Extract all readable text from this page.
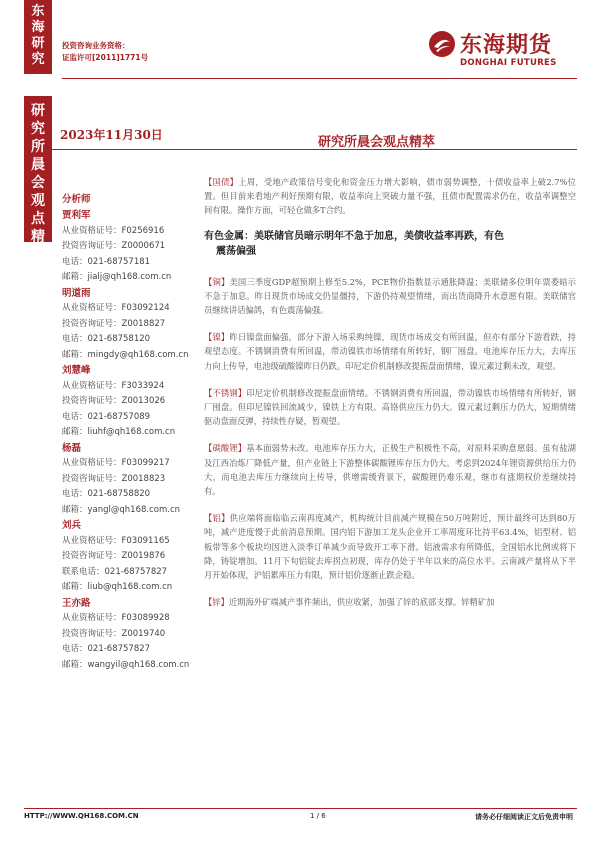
东
海
研
究
研
究
所
晨
会
观
点
精
萃
投资咨询业务资格：
证监许可[2011]1771号	东海期货
DONGHAI FUTURES
2023年11月30日	研究所晨会观点精萃
分析师
贾利军
从业资格证号：F0256916
投资咨询证号：Z0000671
电话：021-68757181
邮箱：jialj@qh168.com.cn
明道雨
从业资格证号：F03092124
投资咨询证号：Z0018827
电话：021-68758120
邮箱：mingdy@qh168.com.cn
刘慧峰
从业资格证号：F3033924
投资咨询证号：Z0013026
电话：021-68757089
邮箱：liuhf@qh168.com.cn
杨磊
从业资格证号：F03099217
投资咨询证号：Z0018823
电话：021-68758820
邮箱：yangl@qh168.com.cn
刘兵
从业资格证号：F03091165
投资咨询证号：Z0019876
联系电话：021-68757827
邮箱：liub@qh168.com.cn
王亦路
从业资格证号：F03089928
投资咨询证号：Z0019740
电话：021-68757827
邮箱：wangyil@qh168.com.cn

【国债】上周，受地产政策信号变化和资金压力增大影响，债市弱势调整，十债收益率上破2.7%位置。但目前来看地产利好预期有限，收益率向上突破力量不强，且债市配置需求仍在，收益率调整空间有限。操作方面，可轻仓做多T合约。

有色金属：美联储官员暗示明年不急于加息，美债收益率再跌，有色
震荡偏强

【铜】美国三季度GDP超预期上修至5.2%，PCE物价指数显示通胀降温；美联储多位明年票委暗示不急于加息。昨日现货市场成交仍显僵持，下游仍持观望情绪，而出货商降升水意愿有限。美联储官员继续讲话偏鸽，有色震荡偏强。

【镍】昨日镍盘面偏强，部分下游入场采购纯镍，现货市场成交有所回温，但亦有部分下游看跌，持观望态度。不锈钢消费有所回温，带动镍铁市场情绪有所转好，钢厂囤盘。电池库存压力大，去库压力向上传导，电池级硫酸镍昨日仍跌。印尼定价机制修改提振盘面情绪，镍元素过剩未改，观望。

【不锈钢】印尼定价机制修改提振盘面情绪。不锈钢消费有所回温，带动镍铁市场情绪有所转好，钢厂囤盘。但印尼镍铁回流减少，镍铁上方有限。高铬供应压力仍大。镍元素过剩压力仍大，短期情绪驱动盘面反弹，持续性存疑，暂观望。

【碳酸锂】基本面弱势未改。电池库存压力大，正极生产积极性不高，对原料采购意愿弱。虽有盐湖及江西冶炼厂降低产量，但产业链上下游整体碳酸锂库存压力仍大。考虑到2024年锂资源供给压力仍大，而电池去库压力继续向上传导，供增需缓背景下，碳酸锂仍难乐观，继市有涨期权价差继续持有。

【铝】供应端将面临临云南再度减产，机构统计目前减产规模在50万吨附近，预计最终可达到80万吨，减产进度慢于此前消息预期。国内铝下游加工龙头企业开工率周度环比持平63.4%，铝型材、铝板带等多个板块均因进入淡季订单减少而导致开工率下滑。铝液需求有所降低，全国铝水比例或将下降，铸锭增加。11月下旬铝锭去库拐点初现，库存仍处于半年以来的高位水平。云南减产量将从下半月开始体现，沪铝累库压力有限，预计铝价逐渐止跌企稳。

【锌】近期海外矿端减产事件频出，供应收紧，加强了锌的底部支撑。锌精矿加

HTTP://WWW.QH168.COM.CN	1 / 6	请务必仔细阅读正文后免责申明
